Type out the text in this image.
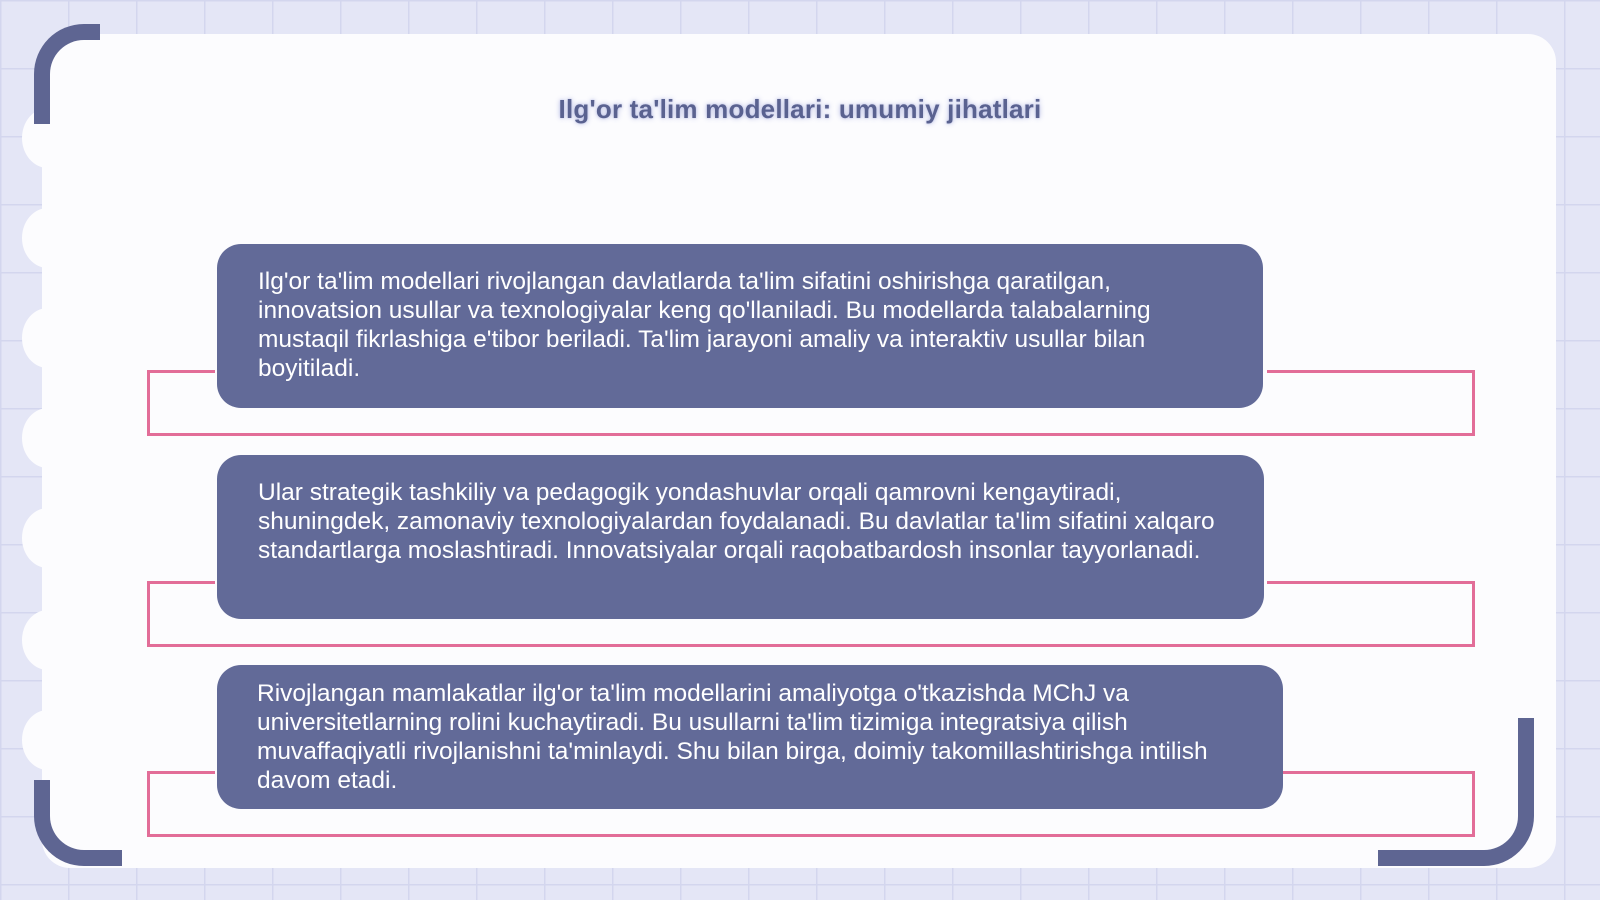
Ilg'or ta'lim modellari: umumiy jihatlari
Ilg'or ta'lim modellari rivojlangan davlatlarda ta'lim sifatini oshirishga qaratilgan, innovatsion usullar va texnologiyalar keng qo'llaniladi. Bu modellarda talabalarning mustaqil fikrlashiga e'tibor beriladi. Ta'lim jarayoni amaliy va interaktiv usullar bilan boyitiladi.
Ular strategik tashkiliy va pedagogik yondashuvlar orqali qamrovni kengaytiradi, shuningdek, zamonaviy texnologiyalardan foydalanadi. Bu davlatlar ta'lim sifatini xalqaro standartlarga moslashtiradi. Innovatsiyalar orqali raqobatbardosh insonlar tayyorlanadi.
Rivojlangan mamlakatlar ilg'or ta'lim modellarini amaliyotga o'tkazishda MChJ va universitetlarning rolini kuchaytiradi. Bu usullarni ta'lim tizimiga integratsiya qilish muvaffaqiyatli rivojlanishni ta'minlaydi. Shu bilan birga, doimiy takomillashtirishga intilish davom etadi.
